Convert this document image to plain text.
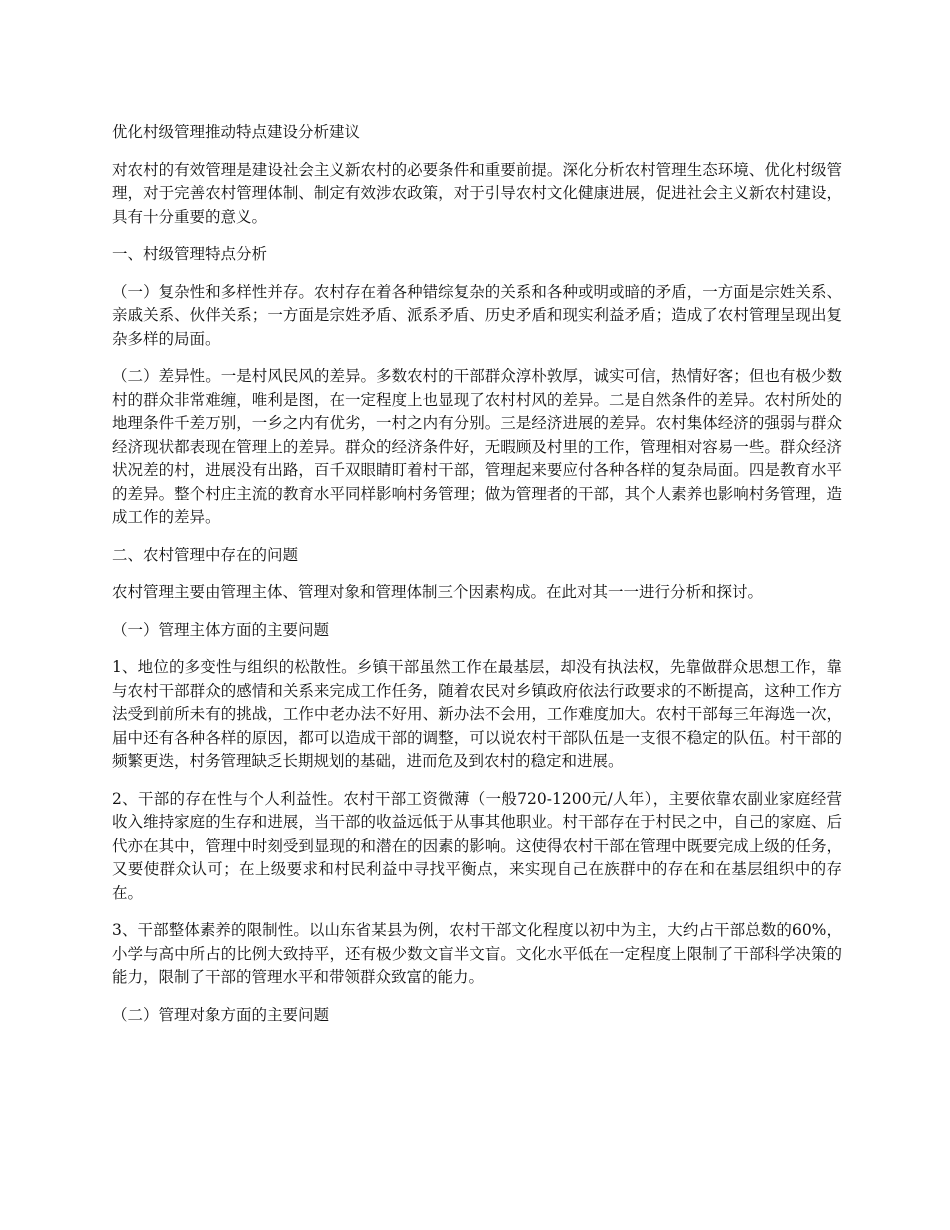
优化村级管理推动特点建设分析建议

对农村的有效管理是建设社会主义新农村的必要条件和重要前提。深化分析农村管理生态环境、优化村级管理，对于完善农村管理体制、制定有效涉农政策，对于引导农村文化健康进展，促进社会主义新农村建设，具有十分重要的意义。

一、村级管理特点分析

（一）复杂性和多样性并存。农村存在着各种错综复杂的关系和各种或明或暗的矛盾，一方面是宗姓关系、亲戚关系、伙伴关系；一方面是宗姓矛盾、派系矛盾、历史矛盾和现实利益矛盾；造成了农村管理呈现出复杂多样的局面。

（二）差异性。一是村风民风的差异。多数农村的干部群众淳朴敦厚，诚实可信，热情好客；但也有极少数村的群众非常难缠，唯利是图，在一定程度上也显现了农村村风的差异。二是自然条件的差异。农村所处的地理条件千差万别，一乡之内有优劣，一村之内有分别。三是经济进展的差异。农村集体经济的强弱与群众经济现状都表现在管理上的差异。群众的经济条件好，无暇顾及村里的工作，管理相对容易一些。群众经济状况差的村，进展没有出路，百千双眼睛盯着村干部，管理起来要应付各种各样的复杂局面。四是教育水平的差异。整个村庄主流的教育水平同样影响村务管理；做为管理者的干部，其个人素养也影响村务管理，造成工作的差异。

二、农村管理中存在的问题

农村管理主要由管理主体、管理对象和管理体制三个因素构成。在此对其一一进行分析和探讨。

（一）管理主体方面的主要问题

1、地位的多变性与组织的松散性。乡镇干部虽然工作在最基层，却没有执法权，先靠做群众思想工作，靠与农村干部群众的感情和关系来完成工作任务，随着农民对乡镇政府依法行政要求的不断提高，这种工作方法受到前所未有的挑战，工作中老办法不好用、新办法不会用，工作难度加大。农村干部每三年海选一次，届中还有各种各样的原因，都可以造成干部的调整，可以说农村干部队伍是一支很不稳定的队伍。村干部的频繁更迭，村务管理缺乏长期规划的基础，进而危及到农村的稳定和进展。

2、干部的存在性与个人利益性。农村干部工资微薄（一般720-1200元/人年），主要依靠农副业家庭经营收入维持家庭的生存和进展，当干部的收益远低于从事其他职业。村干部存在于村民之中，自己的家庭、后代亦在其中，管理中时刻受到显现的和潜在的因素的影响。这使得农村干部在管理中既要完成上级的任务，又要使群众认可；在上级要求和村民利益中寻找平衡点，来实现自己在族群中的存在和在基层组织中的存在。

3、干部整体素养的限制性。以山东省某县为例，农村干部文化程度以初中为主，大约占干部总数的60%，小学与高中所占的比例大致持平，还有极少数文盲半文盲。文化水平低在一定程度上限制了干部科学决策的能力，限制了干部的管理水平和带领群众致富的能力。

（二）管理对象方面的主要问题
